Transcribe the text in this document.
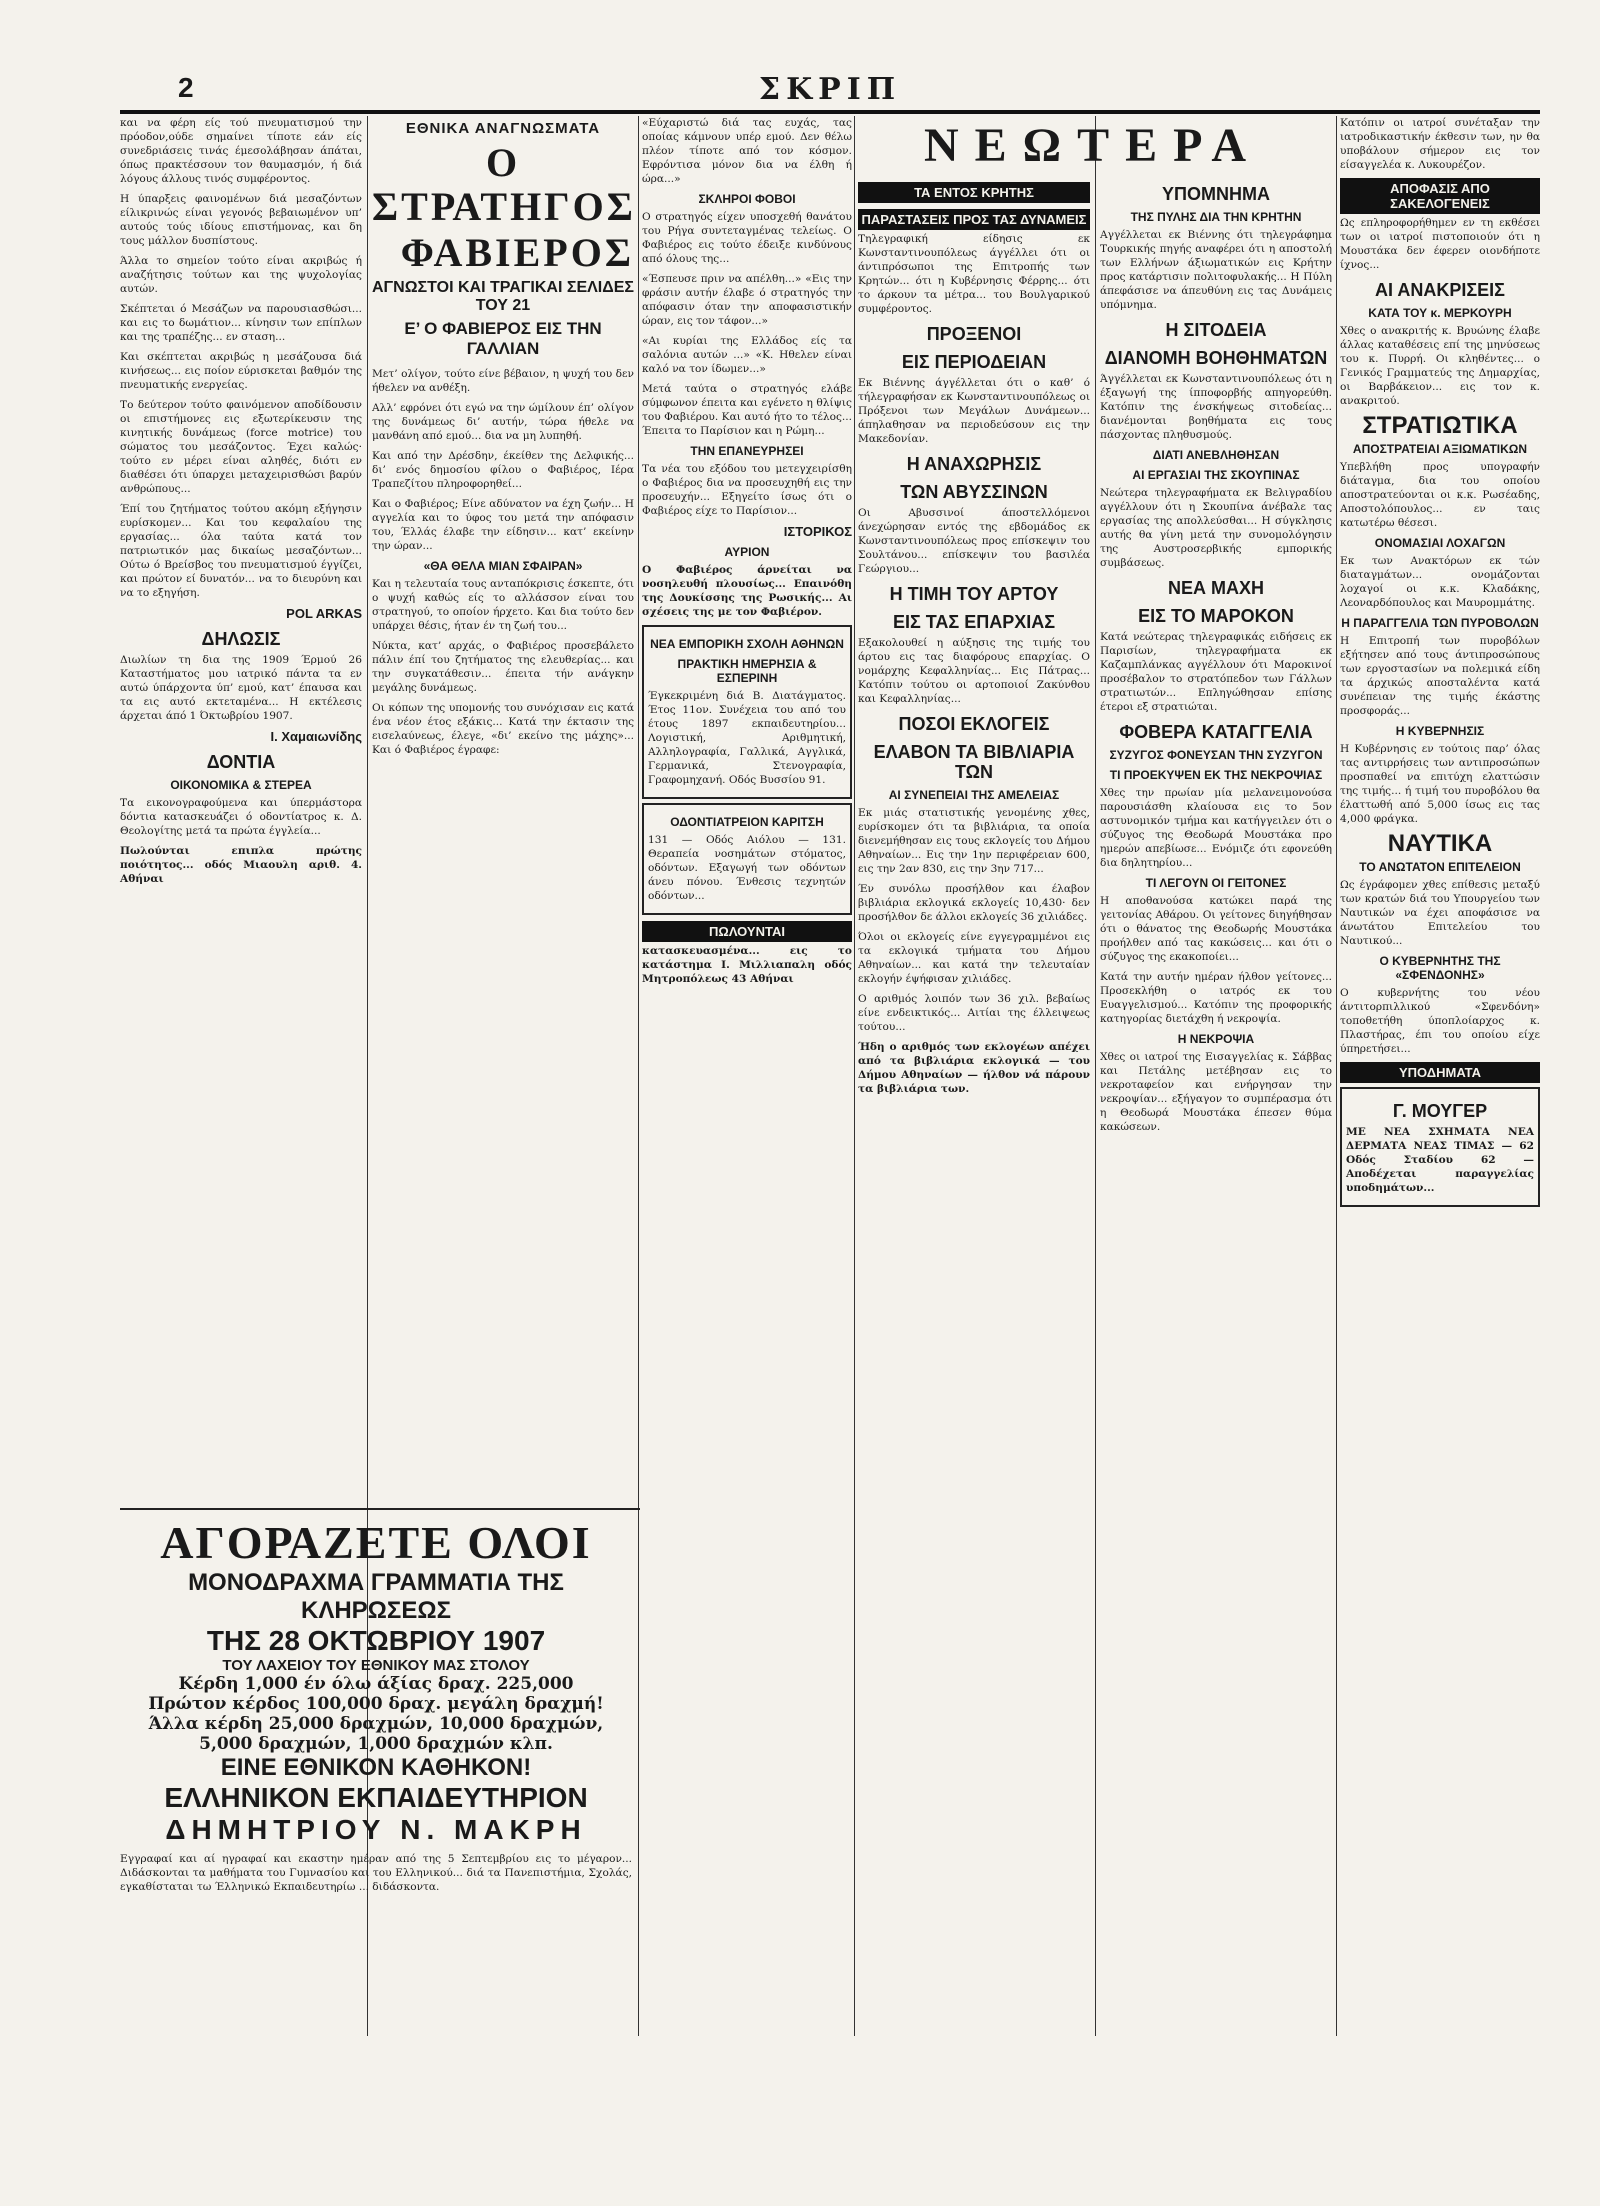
2	ΣΚΡΙΠ

και να φέρη είς τού πνευματισμού την πρόοδον,ούδε σημαίνει τίποτε εάν είς συνεδριάσεις τινάς έμεσολάβησαν άπάται, όπως πρακτέσσουν τον θαυμασμόν, ή διά λόγους άλλους τινός συμφέροντος.

Η ύπαρξεις φαινομένων διά μεσαζόντων είλικρινώς είναι γεγονός βεβαιωμένον υπ’ αυτούς τούς ιδίους επιστήμονας, και δη τους μάλλον δυσπίστους.

Άλλα το σημείον τούτο είναι ακριβώς ή αναζήτησις τούτων και της ψυχολογίας αυτών.

Σκέπτεται ό Μεσάζων να παρουσιασθώσι... και εις το δωμάτιον... κίνησιν των επίπλων και της τραπέζης... εν σταση...

Και σκέπτεται ακριβώς η μεσάζουσα διά κινήσεως... εις ποίον εύρισκεται βαθμόν της πνευματικής ενεργείας.

Το δεύτερον τούτο φαινόμενον αποδίδουσιν οι επιστήμονες εις εξωτερίκευσιν της κινητικής δυνάμεως (force motrice) του σώματος του μεσάζοντος. Έχει καλώς· τούτο εν μέρει είναι αληθές, διότι εν διαθέσει ότι ύπαρχει μεταχειρισθώσι βαρύν ανθρώπους...

Έπί του ζητήματος τούτου ακόμη εξήγησιν ευρίσκομεν... Και του κεφαλαίου της εργασίας... όλα ταύτα κατά τον πατριωτικόν μας δικαίως μεσαζόντων... Ούτω ό Βρείσβος του πνευματισμού έγγίζει, και πρώτον εί δυνατόν... να το διευρύνη και να το εξηγήση.

POL ARKAS
ΔΗΛΩΣΙΣ

Διωλίων τη δια της 1909 Έρμού 26 Καταστήματος μου ιατρικό πάντα τα εν αυτώ ύπάρχοντα ύπ’ εμού, κατ’ έπαυσα και τα εις αυτό εκτεταμένα... Η εκτέλεσις άρχεται άπό 1 Όκτωβρίου 1907.

Ι. Χαμαιωνίδης
ΔΟΝΤΙΑ
ΟΙΚΟΝΟΜΙΚΑ & ΣΤΕΡΕΑ

Τα εικονογραφούμενα και ύπερμάστορα δόντια κατασκευάζει ό οδοντίατρος κ. Δ. Θεολογίτης μετά τα πρώτα έγγλεία...

Πωλούνται επιπλα πρώτης ποιότητος... οδός Μιαουλη αριθ. 4. Αθήναι

ΕΘΝΙΚΑ ΑΝΑΓΝΩΣΜΑΤΑ
Ο ΣΤΡΑΤΗΓΟΣ
ΦΑΒΙΕΡΟΣ
ΑΓΝΩΣΤΟΙ ΚΑΙ ΤΡΑΓΙΚΑΙ ΣΕΛΙΔΕΣ ΤΟΥ 21
Ε’ Ο ΦΑΒΙΕΡΟΣ ΕΙΣ ΤΗΝ ΓΑΛΛΙΑΝ

Μετ’ ολίγον, τούτο είνε βέβαιον, η ψυχή του δεν ήθελεν να ανθέξη.

Αλλ’ εφρόνει ότι εγώ να την ώμίλουν έπ’ ολίγον της δυνάμεως δι’ αυτήν, τώρα ήθελε να μανθάνη από εμού... δια να μη λυπηθή.

Και από την Δρέσδην, έκείθεν της Δελφικής... δι’ ενός δημοσίου φίλου ο Φαβιέρος, Ιέρα Τραπεζίτου πληροφορηθεί...

Και ο Φαβιέρος; Είνε αδύνατον να έχη ζωήν... Η αγγελία και το ύφος του μετά την απόφασιν του, Έλλάς έλαβε την είδησιν... κατ’ εκείνην την ώραν...

«ΘΑ ΘΕΛΑ ΜΙΑΝ ΣΦΑΙΡΑΝ»

Και η τελευταία τους ανταπόκρισις έσκεπτε, ότι ο ψυχή καθώς είς το αλλάσσον είναι του στρατηγού, το οποίον ήρχετο. Και δια τούτο δεν υπάρχει θέσις, ήταν έν τη ζωή του...

Νύκτα, κατ’ αρχάς, ο Φαβιέρος προσεβάλετο πάλιν έπί του ζητήματος της ελευθερίας... και την συγκατάθεσιν... έπειτα τήν ανάγκην μεγάλης δυνάμεως.

Οι κόπων της υπομονής του συνόχισαν εις κατά ένα νέον έτος εξάκις... Κατά την έκτασιν της εισελαύνεως, έλεγε, «δι’ εκείνο της μάχης»... Και ό Φαβιέρος έγραφε:

«Εύχαριστώ διά τας ευχάς, τας οποίας κάμνουν υπέρ εμού. Δεν θέλω πλέον τίποτε από τον κόσμον. Εφρόντισα μόνον δια να έλθη ή ώρα...»

ΣΚΛΗΡΟΙ ΦΟΒΟΙ

Ο στρατηγός είχεν υποσχεθή θανάτου του Ρήγα συντεταγμένας τελείως. Ο Φαβιέρος εις τούτο έδειξε κινδύνους από όλους της...

«Έσπευσε πριν να απέλθη...» «Εις την φράσιν αυτήν έλαβε ό στρατηγός την απόφασιν όταν την αποφασιστικήν ώραν, εις τον τάφον...»

«Αι κυρίαι της Ελλάδος είς τα σαλόνια αυτών ...» «Κ. Ηθελεν είναι καλό να τον ίδωμεν...»

Μετά ταύτα ο στρατηγός ελάβε σύμφωνον έπειτα και εγένετο η θλίψις του Φαβιέρου. Και αυτό ήτο το τέλος... Έπειτα το Παρίσιον και η Ρώμη...

ΤΗΝ ΕΠΑΝΕΥΡΗΣΕΙ

Τα νέα του εξόδου του μετεγχειρίσθη ο Φαβιέρος δια να προσευχηθή εις την προσευχήν... Εξηγείτο ίσως ότι ο Φαβιέρος είχε το Παρίσιον...

ΙΣΤΟΡΙΚΟΣ
ΑΥΡΙΟΝ

Ο Φαβιέρος άρνείται να νοσηλευθή πλουσίως... Επαινόθη της Δουκίσσης της Ρωσικής... Αι σχέσεις της με τον Φαβιέρον.

ΝΕΑ ΕΜΠΟΡΙΚΗ ΣΧΟΛΗ ΑΘΗΝΩΝ
ΠΡΑΚΤΙΚΗ ΗΜΕΡΗΣΙΑ & ΕΣΠΕΡΙΝΗ

Έγκεκριμένη διά Β. Διατάγματος. Έτος 11ον. Συνέχεια του από του έτους 1897 εκπαιδευτηρίου... Λογιστική, Αριθμητική, Αλληλογραφία, Γαλλικά, Αγγλικά, Γερμανικά, Στενογραφία, Γραφομηχανή. Οδός Βυσσίου 91.

ΟΔΟΝΤΙΑΤΡΕΙΟΝ ΚΑΡΙΤΣΗ

131 — Οδός Αιόλου — 131. Θεραπεία νοσημάτων στόματος, οδόντων. Εξαγωγή των οδόντων άνευ πόνου. Ένθεσις τεχνητών οδόντων...

ΠΩΛΟΥΝΤΑΙ

κατασκευασμένα... εις το κατάστημα Ι. Μιλλιαπαλη οδός Μητροπόλεως 43 Αθήναι

ΝΕΩΤΕΡΑ
ΤΑ ΕΝΤΟΣ ΚΡΗΤΗΣ
ΠΑΡΑΣΤΑΣΕΙΣ ΠΡΟΣ ΤΑΣ ΔΥΝΑΜΕΙΣ

Τηλεγραφική είδησις εκ Κωνσταντινουπόλεως άγγέλλει ότι οι άντιπρόσωποι της Επιτροπής των Κρητών... ότι η Κυβέρνησις Φέρρης... ότι το άρκουν τα μέτρα... του Βουλγαρικού συμφέροντος.

ΠΡΟΞΕΝΟΙ
ΕΙΣ ΠΕΡΙΟΔΕΙΑΝ

Εκ Βιέννης άγγέλλεται ότι ο καθ’ ό τήλεγραφήσαν εκ Κωνσταντινουπόλεως οι Πρόξενοι των Μεγάλων Δυνάμεων... άπηλαθησαν να περιοδεύσουν εις την Μακεδονίαν.

Η ΑΝΑΧΩΡΗΣΙΣ
ΤΩΝ ΑΒΥΣΣΙΝΩΝ

Οι Αβυσσινοί άποστελλόμενοι άνεχώρησαν εντός της εβδομάδος εκ Κωνσταντινουπόλεως προς επίσκεψιν του Σουλτάνου... επίσκεψιν του βασιλέα Γεώργιου...

Η ΤΙΜΗ ΤΟΥ ΑΡΤΟΥ
ΕΙΣ ΤΑΣ ΕΠΑΡΧΙΑΣ

Εξακολουθεί η αύξησις της τιμής του άρτου εις τας διαφόρους επαρχίας. Ο νομάρχης Κεφαλληνίας... Εις Πάτρας... Κατόπιν τούτου οι αρτοποιοί Ζακύνθου και Κεφαλληνίας...

ΠΟΣΟΙ ΕΚΛΟΓΕΙΣ
ΕΛΑΒΟΝ ΤΑ ΒΙΒΛΙΑΡΙΑ ΤΩΝ
ΑΙ ΣΥΝΕΠΕΙΑΙ ΤΗΣ ΑΜΕΛΕΙΑΣ

Εκ μιάς στατιστικής γενομένης χθες, ευρίσκομεν ότι τα βιβλιάρια, τα οποία διενεμήθησαν εις τους εκλογείς του Δήμου Αθηναίων... Εις την 1ην περιφέρειαν 600, εις την 2αν 830, εις την 3ην 717...

Έν συνόλω προσήλθον και έλαβον βιβλιάρια εκλογικά εκλογείς 10,430· δεν προσήλθον δε άλλοι εκλογείς 36 χιλιάδες.

Όλοι οι εκλογείς είνε εγγεγραμμένοι εις τα εκλογικά τμήματα του Δήμου Αθηναίων... και κατά την τελευταίαν εκλογήν έψήφισαν χιλιάδες.

Ο αριθμός λοιπόν των 36 χιλ. βεβαίως είνε ενδεικτικός... Αιτίαι της έλλειψεως τούτου...

Ήδη ο αριθμός των εκλογέων απέχει από τα βιβλιάρια εκλογικά — του Δήμου Αθηναίων — ήλθον νά πάρουν τα βιβλιάρια των.

ΥΠΟΜΝΗΜΑ
ΤΗΣ ΠΥΛΗΣ ΔΙΑ ΤΗΝ ΚΡΗΤΗΝ

Αγγέλλεται εκ Βιέννης ότι τηλεγράφημα Τουρκικής πηγής αναφέρει ότι η αποστολή των Ελλήνων άξιωματικών εις Κρήτην προς κατάρτισιν πολιτοφυλακής... Η Πύλη άπεφάσισε να άπευθύνη εις τας Δυνάμεις υπόμνημα.

Η ΣΙΤΟΔΕΙΑ
ΔΙΑΝΟΜΗ ΒΟΗΘΗΜΑΤΩΝ

Άγγέλλεται εκ Κωνσταντινουπόλεως ότι η έξαγωγή της ίπποφορβής απηγορεύθη. Κατόπιν της ένσκήψεως σιτοδείας... διανέμονται βοηθήματα εις τους πάσχοντας πληθυσμούς.

ΔΙΑΤΙ ΑΝΕΒΛΗΘΗΣΑΝ
ΑΙ ΕΡΓΑΣΙΑΙ ΤΗΣ ΣΚΟΥΠΙΝΑΣ

Νεώτερα τηλεγραφήματα εκ Βελιγραδίου αγγέλλουν ότι η Σκουπίνα άνέβαλε τας εργασίας της απολλεύσθαι... Η σύγκλησις αυτής θα γίνη μετά την συνομολόγησιν της Αυστροσερβικής εμπορικής συμβάσεως.

ΝΕΑ ΜΑΧΗ
ΕΙΣ ΤΟ ΜΑΡΟΚΟΝ

Κατά νεώτερας τηλεγραφικάς ειδήσεις εκ Παρισίων, τηλεγραφήματα εκ Καζαμπλάνκας αγγέλλουν ότι Μαροκινοί προσέβαλον το στρατόπεδον των Γάλλων στρατιωτών... Επληγώθησαν επίσης έτεροι εξ στρατιώται.

ΦΟΒΕΡΑ ΚΑΤΑΓΓΕΛΙΑ
ΣΥΖΥΓΟΣ ΦΟΝΕΥΣΑΝ ΤΗΝ ΣΥΖΥΓΟΝ
ΤΙ ΠΡΟΕΚΥΨΕΝ ΕΚ ΤΗΣ ΝΕΚΡΟΨΙΑΣ

Χθες την πρωίαν μία μελανειμονούσα παρουσιάσθη κλαίουσα εις το 5ον αστυνομικόν τμήμα και κατήγγειλεν ότι ο σύζυγος της Θεοδωρά Μουστάκα προ ημερών απεβίωσε... Ενόμιζε ότι εφονεύθη δια δηλητηρίου...

ΤΙ ΛΕΓΟΥΝ ΟΙ ΓΕΙΤΟΝΕΣ

Η αποθανούσα κατώκει παρά της γειτονίας Αθάρου. Οι γείτονες διηγήθησαν ότι ο θάνατος της Θεοδωρής Μουστάκα προήλθεν από τας κακώσεις... και ότι ο σύζυγος της εκακοποίει...

Κατά την αυτήν ημέραν ήλθον γείτονες... Προσεκλήθη ο ιατρός εκ του Ευαγγελισμού... Κατόπιν της προφορικής κατηγορίας διετάχθη ή νεκροψία.

Η ΝΕΚΡΟΨΙΑ

Χθες οι ιατροί της Εισαγγελίας κ. Σάββας και Πετάλης μετέβησαν εις το νεκροταφείον και ενήργησαν την νεκροψίαν... εξήγαγον το συμπέρασμα ότι η Θεοδωρά Μουστάκα έπεσεν θύμα κακώσεων.

Κατόπιν οι ιατροί συνέταξαν την ιατροδικαστικήν έκθεσιν των, ην θα υποβάλουν σήμερον εις τον είσαγγελέα κ. Λυκουρέζον.

ΑΠΟΦΑΣΙΣ ΑΠΟ ΣΑΚΕΛΟΓΕΝΕΙΣ

Ως επληροφορήθημεν εν τη εκθέσει των οι ιατροί πιστοποιούν ότι η Μουστάκα δεν έφερεν οιονδήποτε ίχνος...

ΑΙ ΑΝΑΚΡΙΣΕΙΣ
ΚΑΤΑ ΤΟΥ κ. ΜΕΡΚΟΥΡΗ

Χθες ο ανακριτής κ. Βρυώνης έλαβε άλλας καταθέσεις επί της μηνύσεως του κ. Πυρρή. Οι κληθέντες... ο Γενικός Γραμματεύς της Δημαρχίας, οι Βαρβάκειον... εις τον κ. ανακριτού.

ΣΤΡΑΤΙΩΤΙΚΑ
ΑΠΟΣΤΡΑΤΕΙΑΙ ΑΞΙΩΜΑΤΙΚΩΝ

Υπεβλήθη προς υπογραφήν διάταγμα, δια του οποίου αποστρατεύονται οι κ.κ. Ρωσέαδης, Αποστολόπουλος... εν ταις κατωτέρω θέσεσι.

ΟΝΟΜΑΣΙΑΙ ΛΟΧΑΓΩΝ

Εκ των Ανακτόρων εκ τών διαταγμάτων... ονομάζονται λοχαγοί οι κ.κ. Κλαδάκης, Λεοναρδόπουλος και Μαυρομμάτης.

Η ΠΑΡΑΓΓΕΛΙΑ ΤΩΝ ΠΥΡΟΒΟΛΩΝ

Η Επιτροπή των πυροβόλων εξήτησεν από τους άντιπροσώπους των εργοστασίων να πολεμικά είδη τα άρχικώς αποσταλέντα κατά συνέπειαν της τιμής έκάστης προσφοράς...

Η ΚΥΒΕΡΝΗΣΙΣ

Η Κυβέρνησις εν τούτοις παρ’ όλας τας αντιρρήσεις των αντιπροσώπων προσπαθεί να επιτύχη ελαττώσιν της τιμής... ή τιμή του πυροβόλου θα έλαττωθή από 5,000 ίσως εις τας 4,000 φράγκα.

ΝΑΥΤΙΚΑ
ΤΟ ΑΝΩΤΑΤΟΝ ΕΠΙΤΕΛΕΙΟΝ

Ως έγράφομεν χθες επίθεσις μεταξύ των κρατών διά του Υπουργείου των Ναυτικών να έχει αποφάσισε να άνωτάτου Επιτελείου του Ναυτικού...

Ο ΚΥΒΕΡΝΗΤΗΣ ΤΗΣ «ΣΦΕΝΔΟΝΗΣ»

Ο κυβερνήτης του νέου άντιτορπιλλικού «Σφενδόνη» τοποθετήθη ύποπλοίαρχος κ. Πλαστήρας, έπι του οποίου είχε ύπηρετήσει...

ΥΠΟΔΗΜΑΤΑ
Γ. ΜΟΥΓΕΡ

ΜΕ ΝΕΑ ΣΧΗΜΑΤΑ ΝΕΑ ΔΕΡΜΑΤΑ ΝΕΑΣ ΤΙΜΑΣ — 62 Οδός Σταδίου 62 — Αποδέχεται παραγγελίας υποδημάτων...

ΑΓΟΡΑΖΕΤΕ ΟΛΟΙ
ΜΟΝΟΔΡΑΧΜΑ ΓΡΑΜΜΑΤΙΑ ΤΗΣ ΚΛΗΡΩΣΕΩΣ
ΤΗΣ 28 ΟΚΤΩΒΡΙΟΥ 1907
ΤΟΥ ΛΑΧΕΙΟΥ ΤΟΥ ΕΘΝΙΚΟΥ ΜΑΣ ΣΤΟΛΟΥ
Κέρδη 1,000 έν όλω άξίας δραχ. 225,000
Πρώτον κέρδος 100,000 δραχ. μεγάλη δραχμή!
Άλλα κέρδη 25,000 δραχμών, 10,000 δραχμών,
5,000 δραχμών, 1,000 δραχμών κλπ.
ΕΙΝΕ ΕΘΝΙΚΟΝ ΚΑΘΗΚΟΝ!
ΕΛΛΗΝΙΚΟΝ ΕΚΠΑΙΔΕΥΤΗΡΙΟΝ
ΔΗΜΗΤΡΙΟΥ Ν. ΜΑΚΡΗ

Εγγραφαί και αί ηγραφαί και εκαστην ημέραν από της 5 Σεπτεμβρίου εις το μέγαρον... Διδάσκονται τα μαθήματα του Γυμνασίου και του Ελληνικού... διά τα Πανεπιστήμια, Σχολάς, εγκαθίσταται τω Έλληνικώ Εκπαιδευτηρίω ... διδάσκοντα.
